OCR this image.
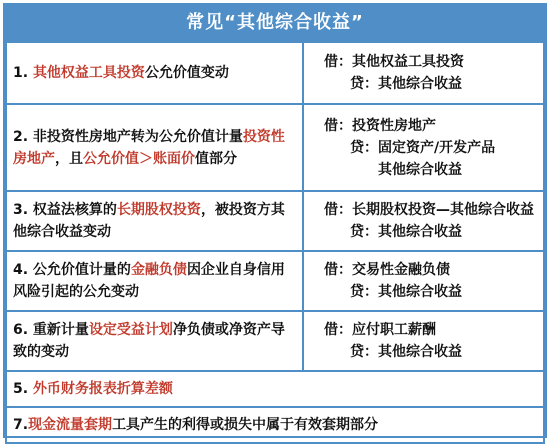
常见“其他综合收益”
1. 其他权益工具投资公允价值变动	借：其他权益工具投资
贷：其他综合收益

2. 非投资性房地产转为公允价值计量投资性房地产，且公允价值＞账面价值部分	借：投资性房地产
贷：固定资产/开发产品
其他综合收益

3. 权益法核算的长期股权投资，被投资方其他综合收益变动	借：长期股权投资—其他综合收益
贷：其他综合收益

4. 公允价值计量的金融负债因企业自身信用风险引起的公允变动	借：交易性金融负债
贷：其他综合收益

6. 重新计量设定受益计划净负债或净资产导致的变动	借：应付职工薪酬
贷：其他综合收益

5. 外币财务报表折算差额	
7.现金流量套期工具产生的利得或损失中属于有效套期部分	
